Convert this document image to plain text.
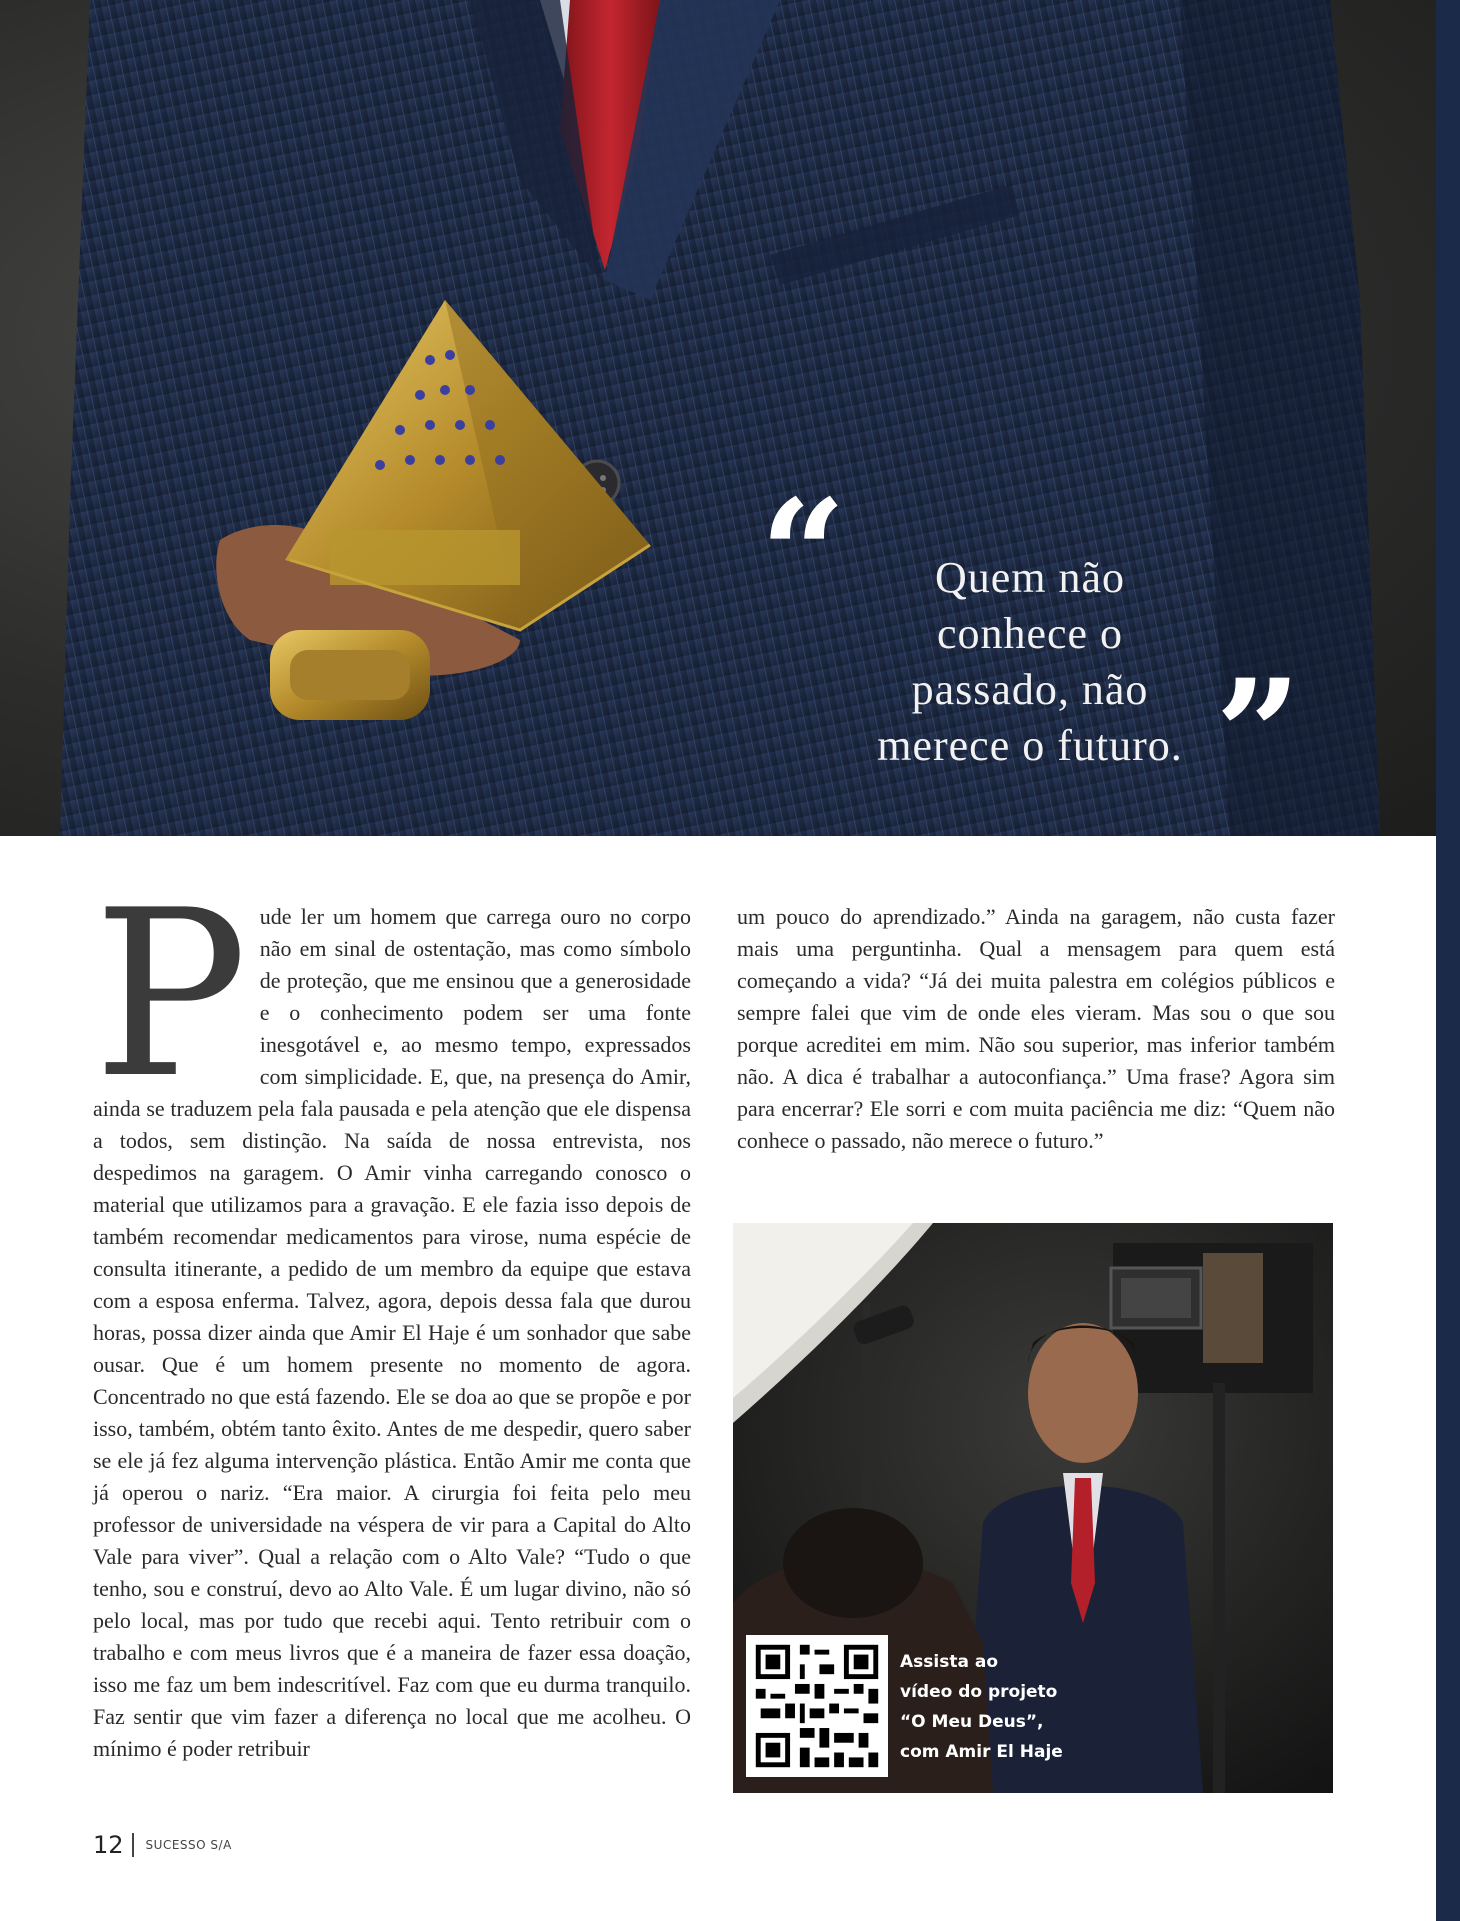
“	Quem não conhece o passado, não merece o futuro. ”
P ude ler um homem que carrega ouro no corpo não em sinal de ostentação, mas como símbolo de proteção, que me ensinou que a generosidade e o conhecimento podem ser uma fonte inesgotável e, ao mesmo tempo, expressados com simplicidade. E, que, na presença do Amir, ainda se traduzem pela fala pausada e pela atenção que ele dispensa a todos, sem distinção. Na saída de nossa entrevista, nos despedimos na garagem. O Amir vinha carregando conosco o material que utilizamos para a gravação. E ele fazia isso depois de também recomendar medicamentos para virose, numa espécie de consulta itinerante, a pedido de um membro da equipe que estava com a esposa enferma. Talvez, agora, depois dessa fala que durou horas, possa dizer ainda que Amir El Haje é um sonhador que sabe ousar. Que é um homem presente no momento de agora. Concentrado no que está fazendo. Ele se doa ao que se propõe e por isso, também, obtém tanto êxito. Antes de me despedir, quero saber se ele já fez alguma intervenção plástica. Então Amir me conta que já operou o nariz. “Era maior. A cirurgia foi feita pelo meu professor de universidade na véspera de vir para a Capital do Alto Vale para viver”. Qual a relação com o Alto Vale? “Tudo o que tenho, sou e construí, devo ao Alto Vale. É um lugar divino, não só pelo local, mas por tudo que recebi aqui. Tento retribuir com o trabalho e com meus livros que é a maneira de fazer essa doação, isso me faz um bem indescritível. Faz com que eu durma tranquilo. Faz sentir que vim fazer a diferença no local que me acolheu. O mínimo é poder retribuir
um pouco do aprendizado.” Ainda na garagem, não custa fazer mais uma perguntinha. Qual a mensagem para quem está começando a vida? “Já dei muita palestra em colégios públicos e sempre falei que vim de onde eles vieram. Mas sou o que sou porque acreditei em mim. Não sou superior, mas inferior também não. A dica é trabalhar a autoconfiança.” Uma frase? Agora sim para encerrar? Ele sorri e com muita paciência me diz: “Quem não conhece o passado, não merece o futuro.”
Assista ao
vídeo do projeto
“O Meu Deus”,
com Amir El Haje
12 SUCESSO S/A
